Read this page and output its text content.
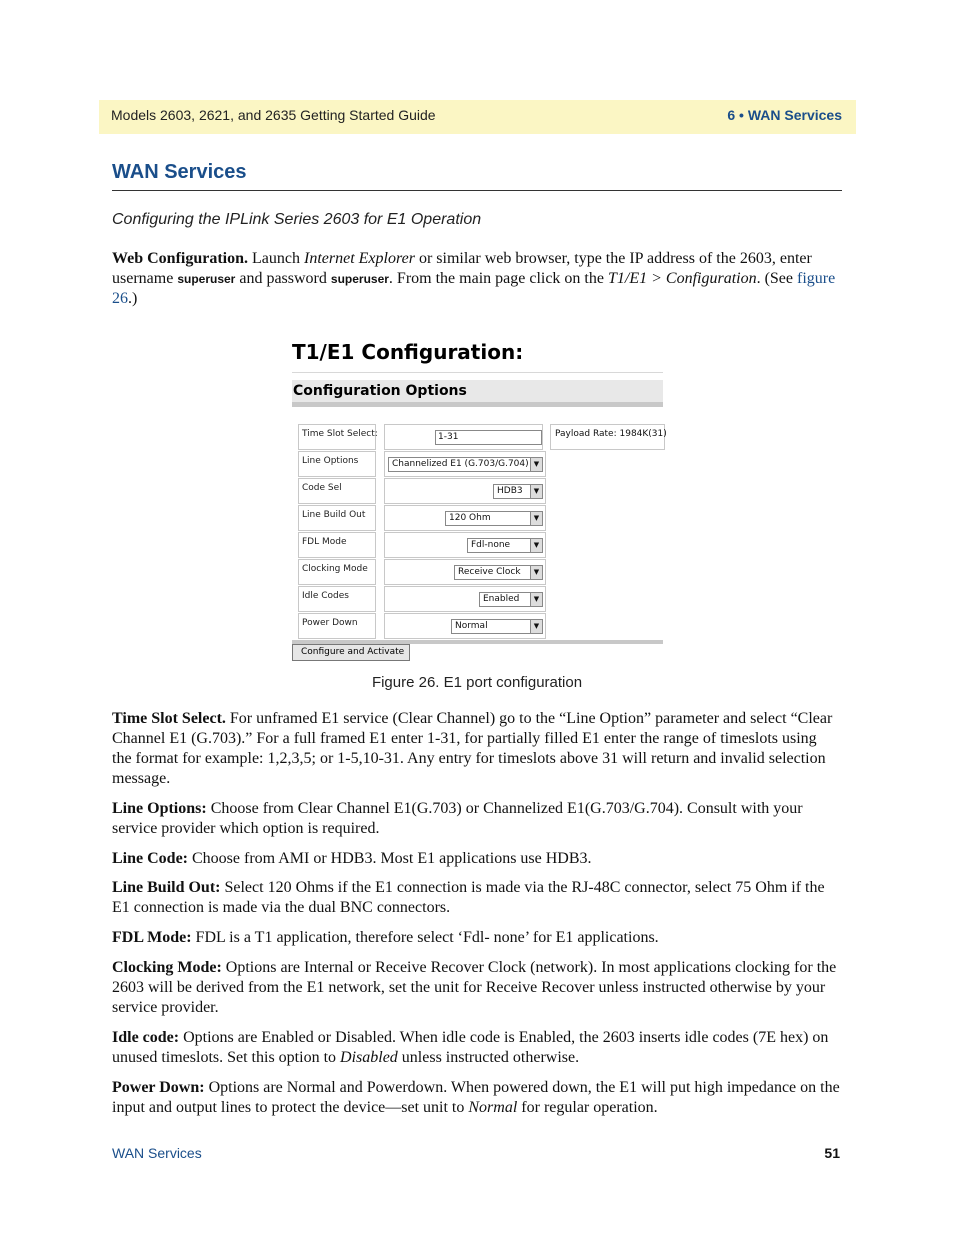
Models 2603, 2621, and 2635 Getting Started Guide	6 • WAN Services
WAN Services
Configuring the IPLink Series 2603 for E1 Operation
Web Configuration. Launch Internet Explorer or similar web browser, type the IP address of the 2603, enter username superuser and password superuser. From the main page click on the T1/E1 > Configuration. (See figure 26.)
T1/E1 Configuration:
Configuration Options
Time Slot Select:	1-31	Payload Rate: 1984K(31)
Line Options	Channelized E1 (G.703/G.704) ▼
Code Sel	HDB3	▼
Line Build Out	120 Ohm	▼
FDL Mode	Fdl-none	▼
Clocking Mode	Receive Clock	▼
Idle Codes	Enabled	▼
Power Down	Normal	▼
Configure and Activate
Figure 26. E1 port configuration
Time Slot Select. For unframed E1 service (Clear Channel) go to the “Line Option” parameter and select “Clear Channel E1 (G.703).” For a full framed E1 enter 1-31, for partially filled E1 enter the range of timeslots using the format for example: 1,2,3,5; or 1-5,10-31. Any entry for timeslots above 31 will return and invalid selection message.
Line Options: Choose from Clear Channel E1(G.703) or Channelized E1(G.703/G.704). Consult with your service provider which option is required.
Line Code: Choose from AMI or HDB3. Most E1 applications use HDB3.
Line Build Out: Select 120 Ohms if the E1 connection is made via the RJ-48C connector, select 75 Ohm if the E1 connection is made via the dual BNC connectors.
FDL Mode: FDL is a T1 application, therefore select ‘Fdl- none’ for E1 applications.
Clocking Mode: Options are Internal or Receive Recover Clock (network). In most applications clocking for the 2603 will be derived from the E1 network, set the unit for Receive Recover unless instructed otherwise by your service provider.
Idle code: Options are Enabled or Disabled. When idle code is Enabled, the 2603 inserts idle codes (7E hex) on unused timeslots. Set this option to Disabled unless instructed otherwise.
Power Down: Options are Normal and Powerdown. When powered down, the E1 will put high impedance on the input and output lines to protect the device—set unit to Normal for regular operation.
WAN Services	51
